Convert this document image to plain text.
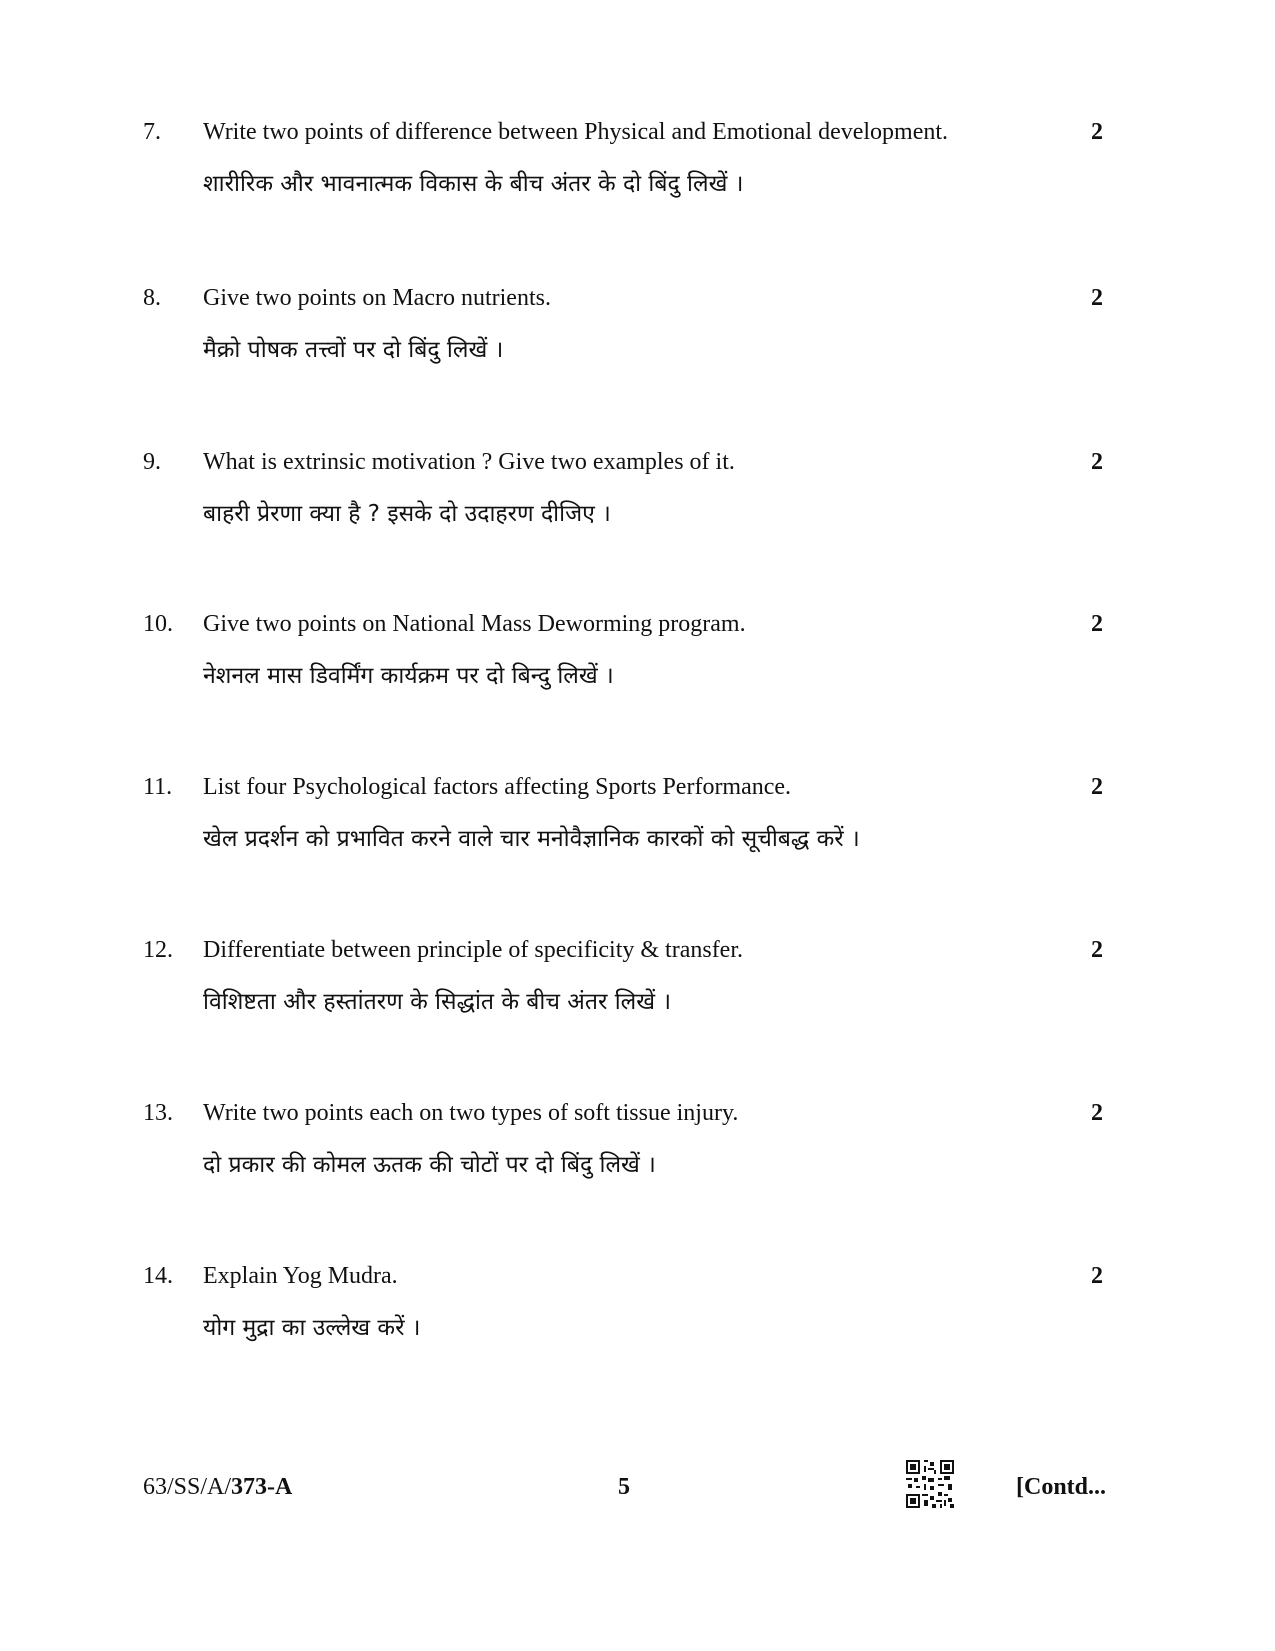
7. Write two points of difference between Physical and Emotional development.
शारीरिक और भावनात्मक विकास के बीच अंतर के दो बिंदु लिखें ।
2
8. Give two points on Macro nutrients.
मैक्रो पोषक तत्त्वों पर दो बिंदु लिखें ।
2
9. What is extrinsic motivation ? Give two examples of it.
बाहरी प्रेरणा क्या है ? इसके दो उदाहरण दीजिए ।
2
10. Give two points on National Mass Deworming program.
नेशनल मास डिवर्मिंग कार्यक्रम पर दो बिन्दु लिखें ।
2
11. List four Psychological factors affecting Sports Performance.
खेल प्रदर्शन को प्रभावित करने वाले चार मनोवैज्ञानिक कारकों को सूचीबद्ध करें ।
2
12. Differentiate between principle of specificity & transfer.
विशिष्टता और हस्तांतरण के सिद्धांत के बीच अंतर लिखें ।
2
13. Write two points each on two types of soft tissue injury.
दो प्रकार की कोमल ऊतक की चोटों पर दो बिंदु लिखें ।
2
14. Explain Yog Mudra.
योग मुद्रा का उल्लेख करें ।
2
63/SS/A/373-A	5	[Contd...
